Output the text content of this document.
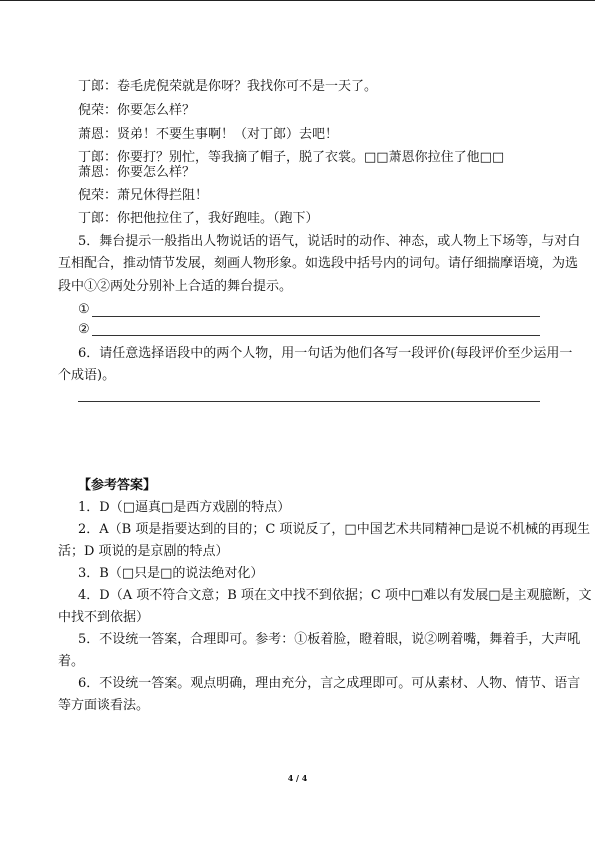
丁郎：卷毛虎倪荣就是你呀？我找你可不是一天了。
倪荣：你要怎么样？
萧恩：贤弟！不要生事啊！（对丁郎）去吧！
丁郎：你要打？别忙，等我摘了帽子，脱了衣裳。□□萧恩你拉住了他□□
萧恩：你要怎么样？
倪荣：萧兄休得拦阻！
丁郎：你把他拉住了，我好跑哇。（跑下）
5．舞台提示一般指出人物说话的语气，说话时的动作、神态，或人物上下场等，与对白
互相配合，推动情节发展，刻画人物形象。如选段中括号内的词句。请仔细揣摩语境，为选
段中①②两处分别补上合适的舞台提示。
①
②
6．请任意选择语段中的两个人物，用一句话为他们各写一段评价(每段评价至少运用一
个成语)。
【参考答案】
1．D（□逼真□是西方戏剧的特点）
2．A（B 项是指要达到的目的；C 项说反了，□中国艺术共同精神□是说不机械的再现生
活；D 项说的是京剧的特点）
3．B（□只是□的说法绝对化）
4．D（A 项不符合文意；B 项在文中找不到依据；C 项中□难以有发展□是主观臆断，文
中找不到依据）
5．不设统一答案，合理即可。参考：①板着脸，瞪着眼，说②咧着嘴，舞着手，大声吼
着。
6．不设统一答案。观点明确，理由充分，言之成理即可。可从素材、人物、情节、语言
等方面谈看法。
4 / 4
